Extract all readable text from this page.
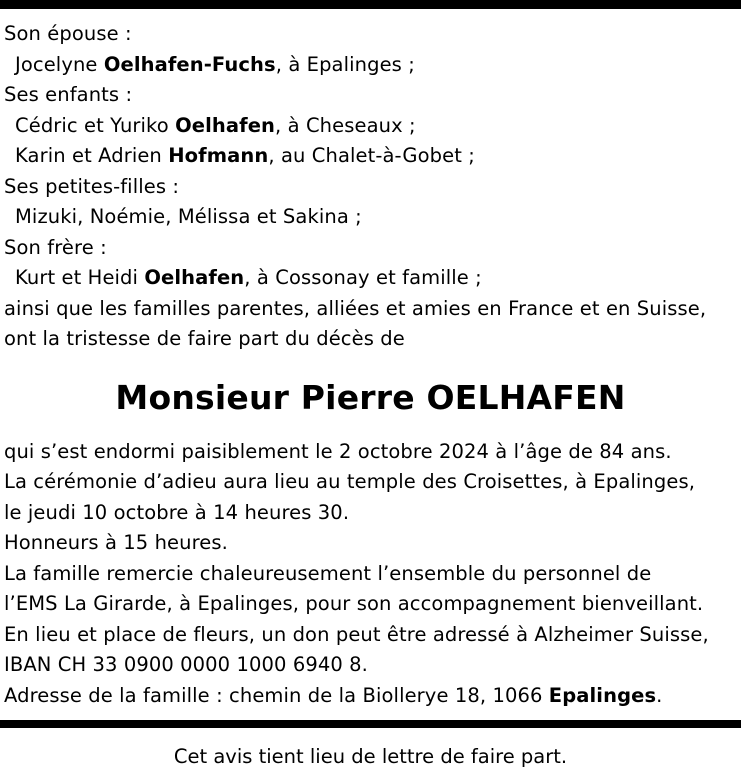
Son épouse :
Jocelyne Oelhafen-Fuchs, à Epalinges ;
Ses enfants :
Cédric et Yuriko Oelhafen, à Cheseaux ;
Karin et Adrien Hofmann, au Chalet-à-Gobet ;
Ses petites-filles :
Mizuki, Noémie, Mélissa et Sakina ;
Son frère :
Kurt et Heidi Oelhafen, à Cossonay et famille ;
ainsi que les familles parentes, alliées et amies en France et en Suisse,
ont la tristesse de faire part du décès de
Monsieur Pierre OELHAFEN
qui s’est endormi paisiblement le 2 octobre 2024 à l’âge de 84 ans.
La cérémonie d’adieu aura lieu au temple des Croisettes, à Epalinges,
le jeudi 10 octobre à 14 heures 30.
Honneurs à 15 heures.
La famille remercie chaleureusement l’ensemble du personnel de
l’EMS La Girarde, à Epalinges, pour son accompagnement bienveillant.
En lieu et place de fleurs, un don peut être adressé à Alzheimer Suisse,
IBAN CH 33 0900 0000 1000 6940 8.
Adresse de la famille : chemin de la Biollerye 18, 1066 Epalinges.
Cet avis tient lieu de lettre de faire part.
